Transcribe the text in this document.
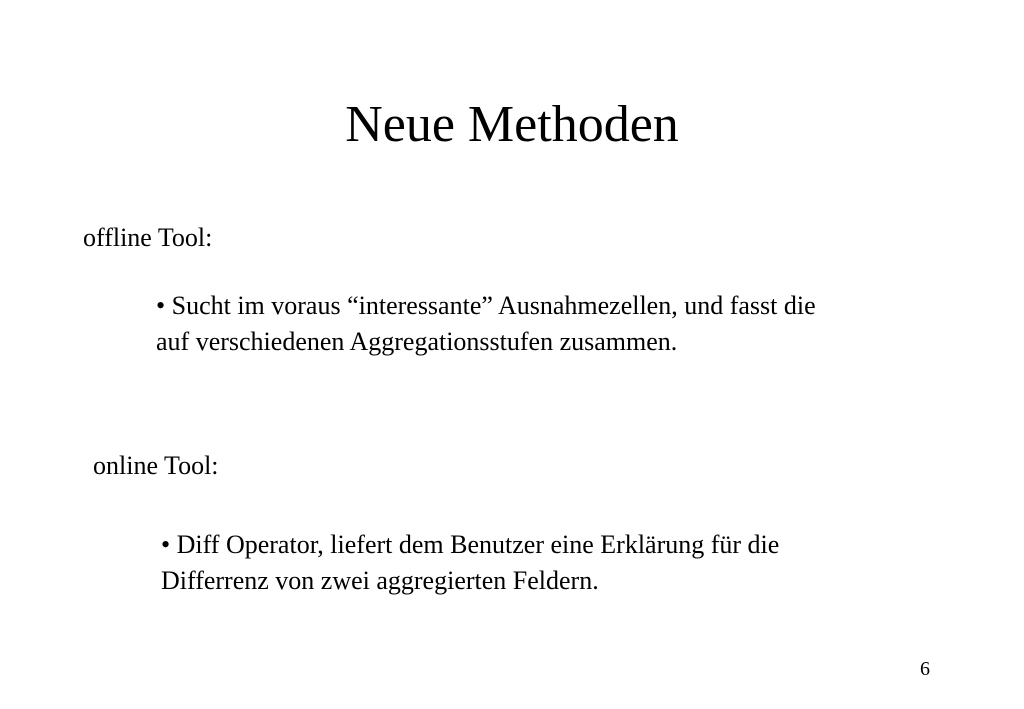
Neue Methoden
offline Tool:
• Sucht im voraus “interessante” Ausnahmezellen, und fasst die
auf verschiedenen Aggregationsstufen zusammen.
online Tool:
• Diff Operator, liefert dem Benutzer eine Erklärung für die
Differrenz von zwei aggregierten Feldern.
6
